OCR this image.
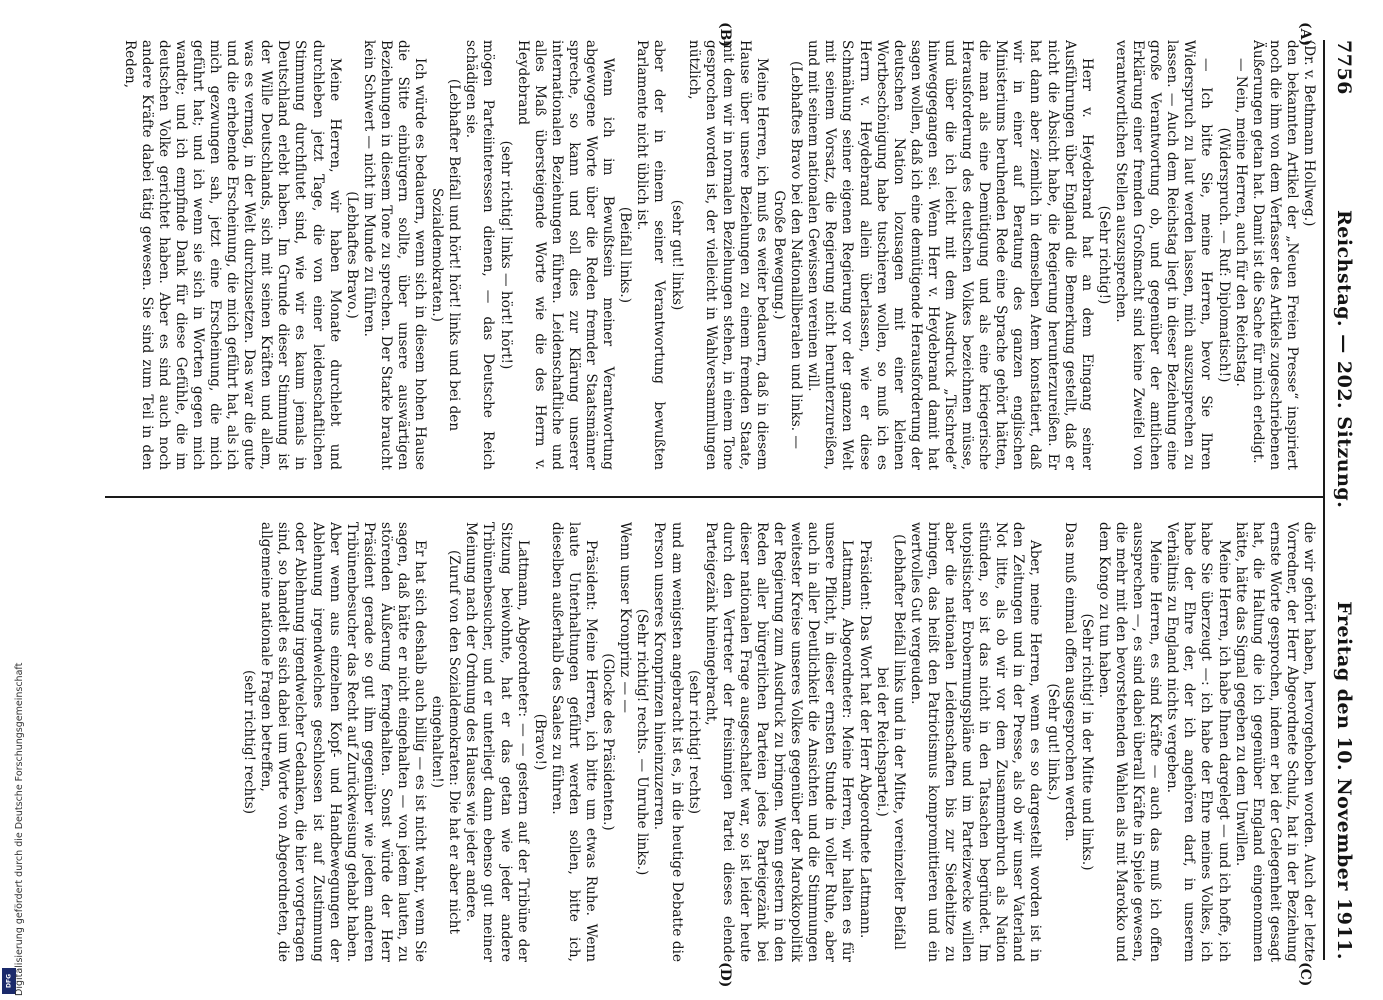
7756
Reichstag. — 202. Sitzung.
Freitag den 10. November 1911.
(A)
(B)
(C)
(D)

(Dr. v. Bethmann Hollweg.)

den bekannten Artikel der „Neuen Freien Presse“ inspiriert noch die ihm von dem Verfasser des Artikels zugeschriebenen Äußerungen getan hat. Damit ist die Sache für mich erledigt.

— Nein, meine Herren, auch für den Reichstag.

(Widerspruch. — Ruf: Diplomatisch!)

— Ich bitte Sie, meine Herren, bevor Sie Ihren Widerspruch zu laut werden lassen, mich auszusprechen zu lassen. — Auch dem Reichstag liegt in dieser Beziehung eine große Verantwortung ob, und gegenüber der amtlichen Erklärung einer fremden Großmacht sind keine Zweifel von verantwortlichen Stellen auszusprechen.

(Sehr richtig!)

Herr v. Heydebrand hat an dem Eingang seiner Ausführungen über England die Bemerkung gestellt, daß er nicht die Absicht habe, die Regierung herunterzureißen. Er hat dann aber ziemlich in demselben Atem konstatiert, daß wir in einer auf Beratung des ganzen englischen Ministeriums beruhenden Rede eine Sprache gehört hätten, die man als eine Demütigung und als eine kriegerische Herausforderung des deutschen Volkes bezeichnen müsse, und über die ich leicht mit dem Ausdruck „Tischrede“ hinweggegangen sei. Wenn Herr v. Heydebrand damit hat sagen wollen, daß ich eine demütigende Herausforderung der deutschen Nation lozusagen mit einer kleinen Wortbeschönigung habe tuschieren wollen, so muß ich es Herrn v. Heydebrand allein überlassen, wie er diese Schmähung seiner eigenen Regierung vor der ganzen Welt mit seinem Vorsatz, die Regierung nicht herunterzureißen, und mit seinem nationalen Gewissen vereinen will.

(Lebhaftes Bravo bei den Nationalliberalen und links. — Große Bewegung.)

Meine Herren, ich muß es weiter bedauern, daß in diesem Hause über unsere Beziehungen zu einem fremden Staate, mit dem wir in normalen Beziehungen stehen, in einem Tone gesprochen worden ist, der vielleicht in Wahlversammlungen nützlich,

(sehr gut! links)

aber der in einem seiner Verantwortung bewußten Parlamente nicht üblich ist.

(Beifall links.)

Wenn ich im Bewußtsein meiner Verantwortung abgewogene Worte über die Reden fremder Staatsmänner spreche, so kann und soll dies zur Klärung unserer internationalen Beziehungen führen. Leidenschaftliche und alles Maß übersteigende Worte wie die des Herrn v. Heydebrand

(sehr richtig! links — hört! hört!)

mögen Parteiinteressen dienen, — das Deutsche Reich schädigen sie.

(Lebhafter Beifall und hört! hört! links und bei den Sozialdemokraten.)

Ich würde es bedauern, wenn sich in diesem hohen Hause die Sitte einbürgern sollte, über unsere auswärtigen Beziehungen in diesem Tone zu sprechen. Der Starke braucht kein Schwert — nicht im Munde zu führen.

(Lebhaftes Bravo.)

Meine Herren, wir haben Monate durchlebt und durchleben jetzt Tage, die von einer leidenschaftlichen Stimmung durchflutet sind, wie wir es kaum jemals in Deutschland erlebt haben. Im Grunde dieser Stimmung ist der Wille Deutschlands, sich mit seinen Kräften und allem, was es vermag, in der Welt durchzusetzen. Das war die gute und die erhebende Erscheinung, die mich geführt hat, als ich mich gezwungen sah, jetzt eine Erscheinung, die mich geführt hat; und ich wenn sie sich in Worten gegen mich wandte; und ich empfinde Dank für diese Gefühle, die im deutschen Volke gerichtet haben. Aber es sind auch noch andere Kräfte dabei tätig gewesen. Sie sind zum Teil in den Reden,

die wir gehört haben, hervorgehoben worden. Auch der letzte Vorredner, der Herr Abgeordnete Schulz, hat in der Beziehung ernste Worte gesprochen, indem er bei der Gelegenheit gesagt hat, die Haltung die ich gegenüber England eingenommen hätte, hätte das Signal gegeben zu dem Unwillen.

Meine Herren, ich habe Ihnen dargelegt — und ich hoffe, ich habe Sie überzeugt —: ich habe der Ehre meines Volkes, ich habe der Ehre der, der ich angehören darf, in unserem Verhältnis zu England nichts vergeben.

Meine Herren, es sind Kräfte — auch das muß ich offen aussprechen —, es sind dabei überall Kräfte in Spiele gewesen, die mehr mit den bevorstehenden Wahlen als mit Marokko und dem Kongo zu tun haben.

(Sehr richtig! in der Mitte und links.)

Das muß einmal offen ausgesprochen werden.

(Sehr gut! links.)

Aber, meine Herren, wenn es so dargestellt worden ist in den Zeitungen und in der Presse, als ob wir unser Vaterland Not litte, als ob wir vor dem Zusammenbruch als Nation stünden, so ist das nicht in den Tatsachen begründet. Im utopistischer Erobermungspläne und im Parteizwecke willen aber die nationalen Leidenschaften bis zur Siedehitze zu bringen, das heißt den Patriotismus kompromittieren und ein wertvolles Gut vergeuden.

(Lebhafter Beifall links und in der Mitte, vereinzelter Beifall bei der Reichspartei.)

Präsident: Das Wort hat der Herr Abgeordnete Lattmann.

Lattmann, Abgeordneter: Meine Herren, wir halten es für unsere Pflicht, in dieser ernsten Stunde in voller Ruhe, aber auch in aller Deutlichkeit die Ansichten und die Stimmungen weitester Kreise unseres Volkes gegenüber der Marokkopolitik der Regierung zum Ausdruck zu bringen. Wenn gestern in den Reden aller bürgerlichen Parteien jedes Parteigezänk bei dieser nationalen Frage ausgeschaltet war, so ist leider heute durch den Vertreter der freisinnigen Partei dieses elende Parteigezänk hineingebracht,

(sehr richtig! rechts)

und am wenigsten angebracht ist es, in die heutige Debatte die Person unseres Kronprinzen hineinzuzerren.

(Sehr richtig! rechts. — Unruhe links.)

Wenn unser Kronprinz — —

(Glocke des Präsidenten.)

Präsident: Meine Herren, ich bitte um etwas Ruhe. Wenn laute Unterhaltungen geführt werden sollen, bitte ich, dieselben außerhalb des Saales zu führen.

(Bravo!)

Lattmann, Abgeordneter: — — gestern auf der Tribüne der Sitzung beiwohnte, hat er das getan wie jeder andere Tribünenbesucher, und er unterliegt dann ebenso gut meiner Meinung nach der Ordnung des Hauses wie jeder andere.

(Zuruf von den Sozialdemokraten: Die hat er aber nicht eingehalten!)

Er hat sich deshalb auch billig — es ist nicht wahr, wenn Sie sagen, daß hätte er nicht eingehalten — von jedem lauten, zu störenden Äußerung ferngehalten. Sonst würde der Herr Präsident gerade so gut ihm gegenüber wie jedem anderen Tribünenbesucher das Recht auf Zurückweisung gehabt haben. Aber wenn aus einzelnen Kopf- und Handbewegungen der Ablehnung irgendwelches geschlossen ist auf Zustimmung oder Ablehnung irgendwelcher Gedanken, die hier vorgetragen sind, so handelt es sich dabei um Worte von Abgeordneten, die allgemeine nationale Fragen betreffen,

(sehr richtig! rechts)

DFG Digitalisierung gefördert durch die Deutsche Forschungsgemeinschaft
